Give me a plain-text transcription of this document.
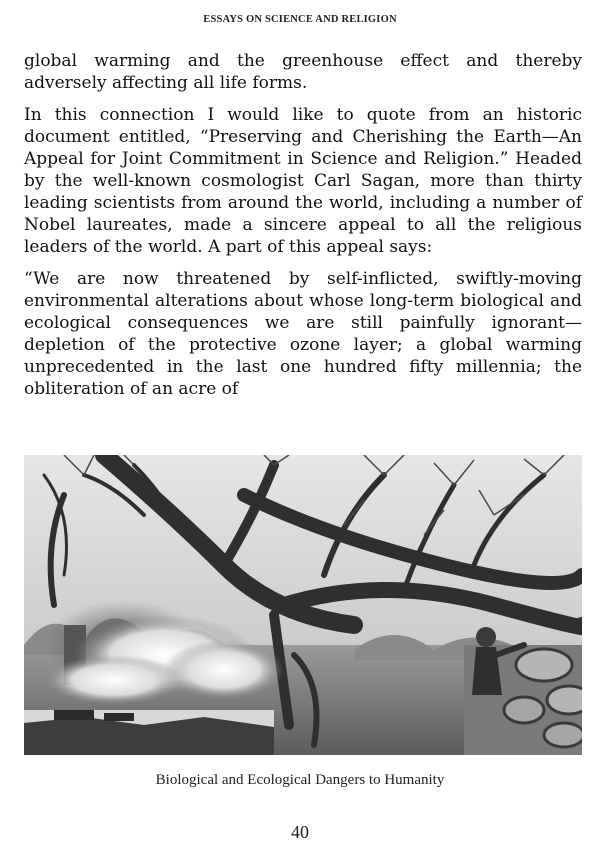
ESSAYS ON SCIENCE AND RELIGION

global warming and the greenhouse effect and thereby adversely affecting all life forms.

In this connection I would like to quote from an historic document entitled, “Preserving and Cherishing the Earth—An Appeal for Joint Commitment in Science and Religion.” Headed by the well-known cosmologist Carl Sagan, more than thirty leading scientists from around the world, including a number of Nobel laureates, made a sincere appeal to all the religious leaders of the world. A part of this appeal says:

“We are now threatened by self-inflicted, swiftly-moving environmental alterations about whose long-term biological and ecological consequences we are still painfully ignorant—depletion of the protective ozone layer; a global warming unprecedented in the last one hundred fifty millennia; the obliteration of an acre of

Biological and Ecological Dangers to Humanity
40
